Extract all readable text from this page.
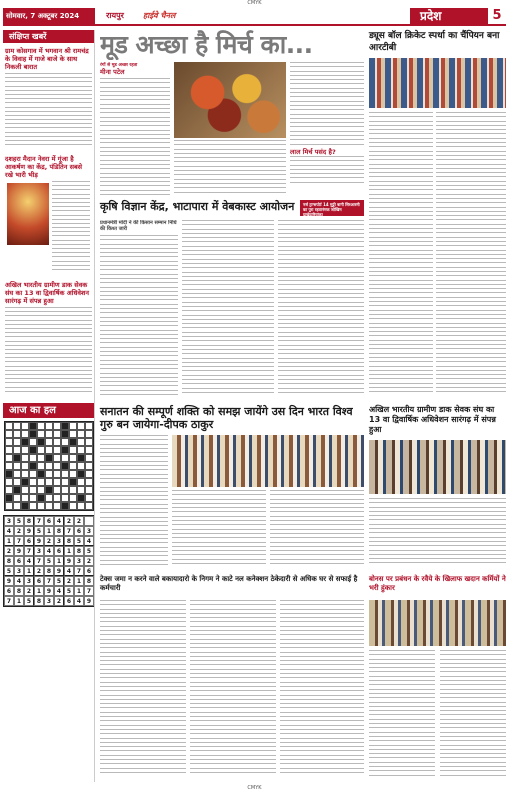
CMYK
सोमवार, 7 अक्टूबर 2024	रायपुर	हाईवे चैनल	प्रदेश	5
संक्षिप्त खबरें
ग्राम कोसगाव में भगवान श्री रामचंद्र के विवाह में गाजे बाजे के साथ निकली बारात
दशहरा मैदान नेवरा में गूंजा है आकर्षण का केंद्र, पंडितिन सबसे रखे भारी भीड़
अखिल भारतीय ग्रामीण डाक सेवक संघ का 13 वा द्विवार्षिक अधिवेशन सारंगढ़ में संपन्न हुआ
आज का हल
3 5 8 7 6 4 2 2
4 2 9 5 1 8 7 6 3
1 7 6 9 2 3 8 5 4
2 9 7 3 4 6 1 8 5
8 6 4 7 5 1 9 3 2
5 3 1 2 8 9 4 7 6
9 4 3 6 7 5 2 1 8
6 8 2 1 9 4 5 1 7
7 1 5 8 3 2 6 4 9
मूड अच्छा है मिर्च का...
रंगों से मूड अच्छा रहता
मीना पटेल
लाल मिर्च पसंद है?
कृषि विज्ञान केंद्र, भाटापारा में वेबकास्ट आयोजन
प्रधानमंत्री मोदी ने की किसान सम्मान निधि की किश्त जारी
ड्यूस बॉल क्रिकेट स्पर्धा का चैंपियन बना आरटीबी
नर्स ट्रान्सपोर्ट 14 मुठ्ठी बागी सिरआरमी का पुरा रहवानंमक जोखिम दाखेदारियांका
सनातन की सम्पूर्ण शक्ति को समझ जायेंगे उस दिन भारत विश्व गुरु बन जायेगा-दीपक ठाकुर
अखिल भारतीय ग्रामीण डाक सेवक संघ का 13 वा द्विवार्षिक अधिवेशन सारंगढ़ में संपन्न हुआ
टेक्स जमा न करने वाले बकायादारो के निगम ने काटे नल कनेक्शन ठेकेदारी से अधिक घर से सफाई है कर्मचारी
बोनस पर प्रबंधन के रवैये के खिलाफ खदान कर्मियों ने भरी हुंकार
CMYK
